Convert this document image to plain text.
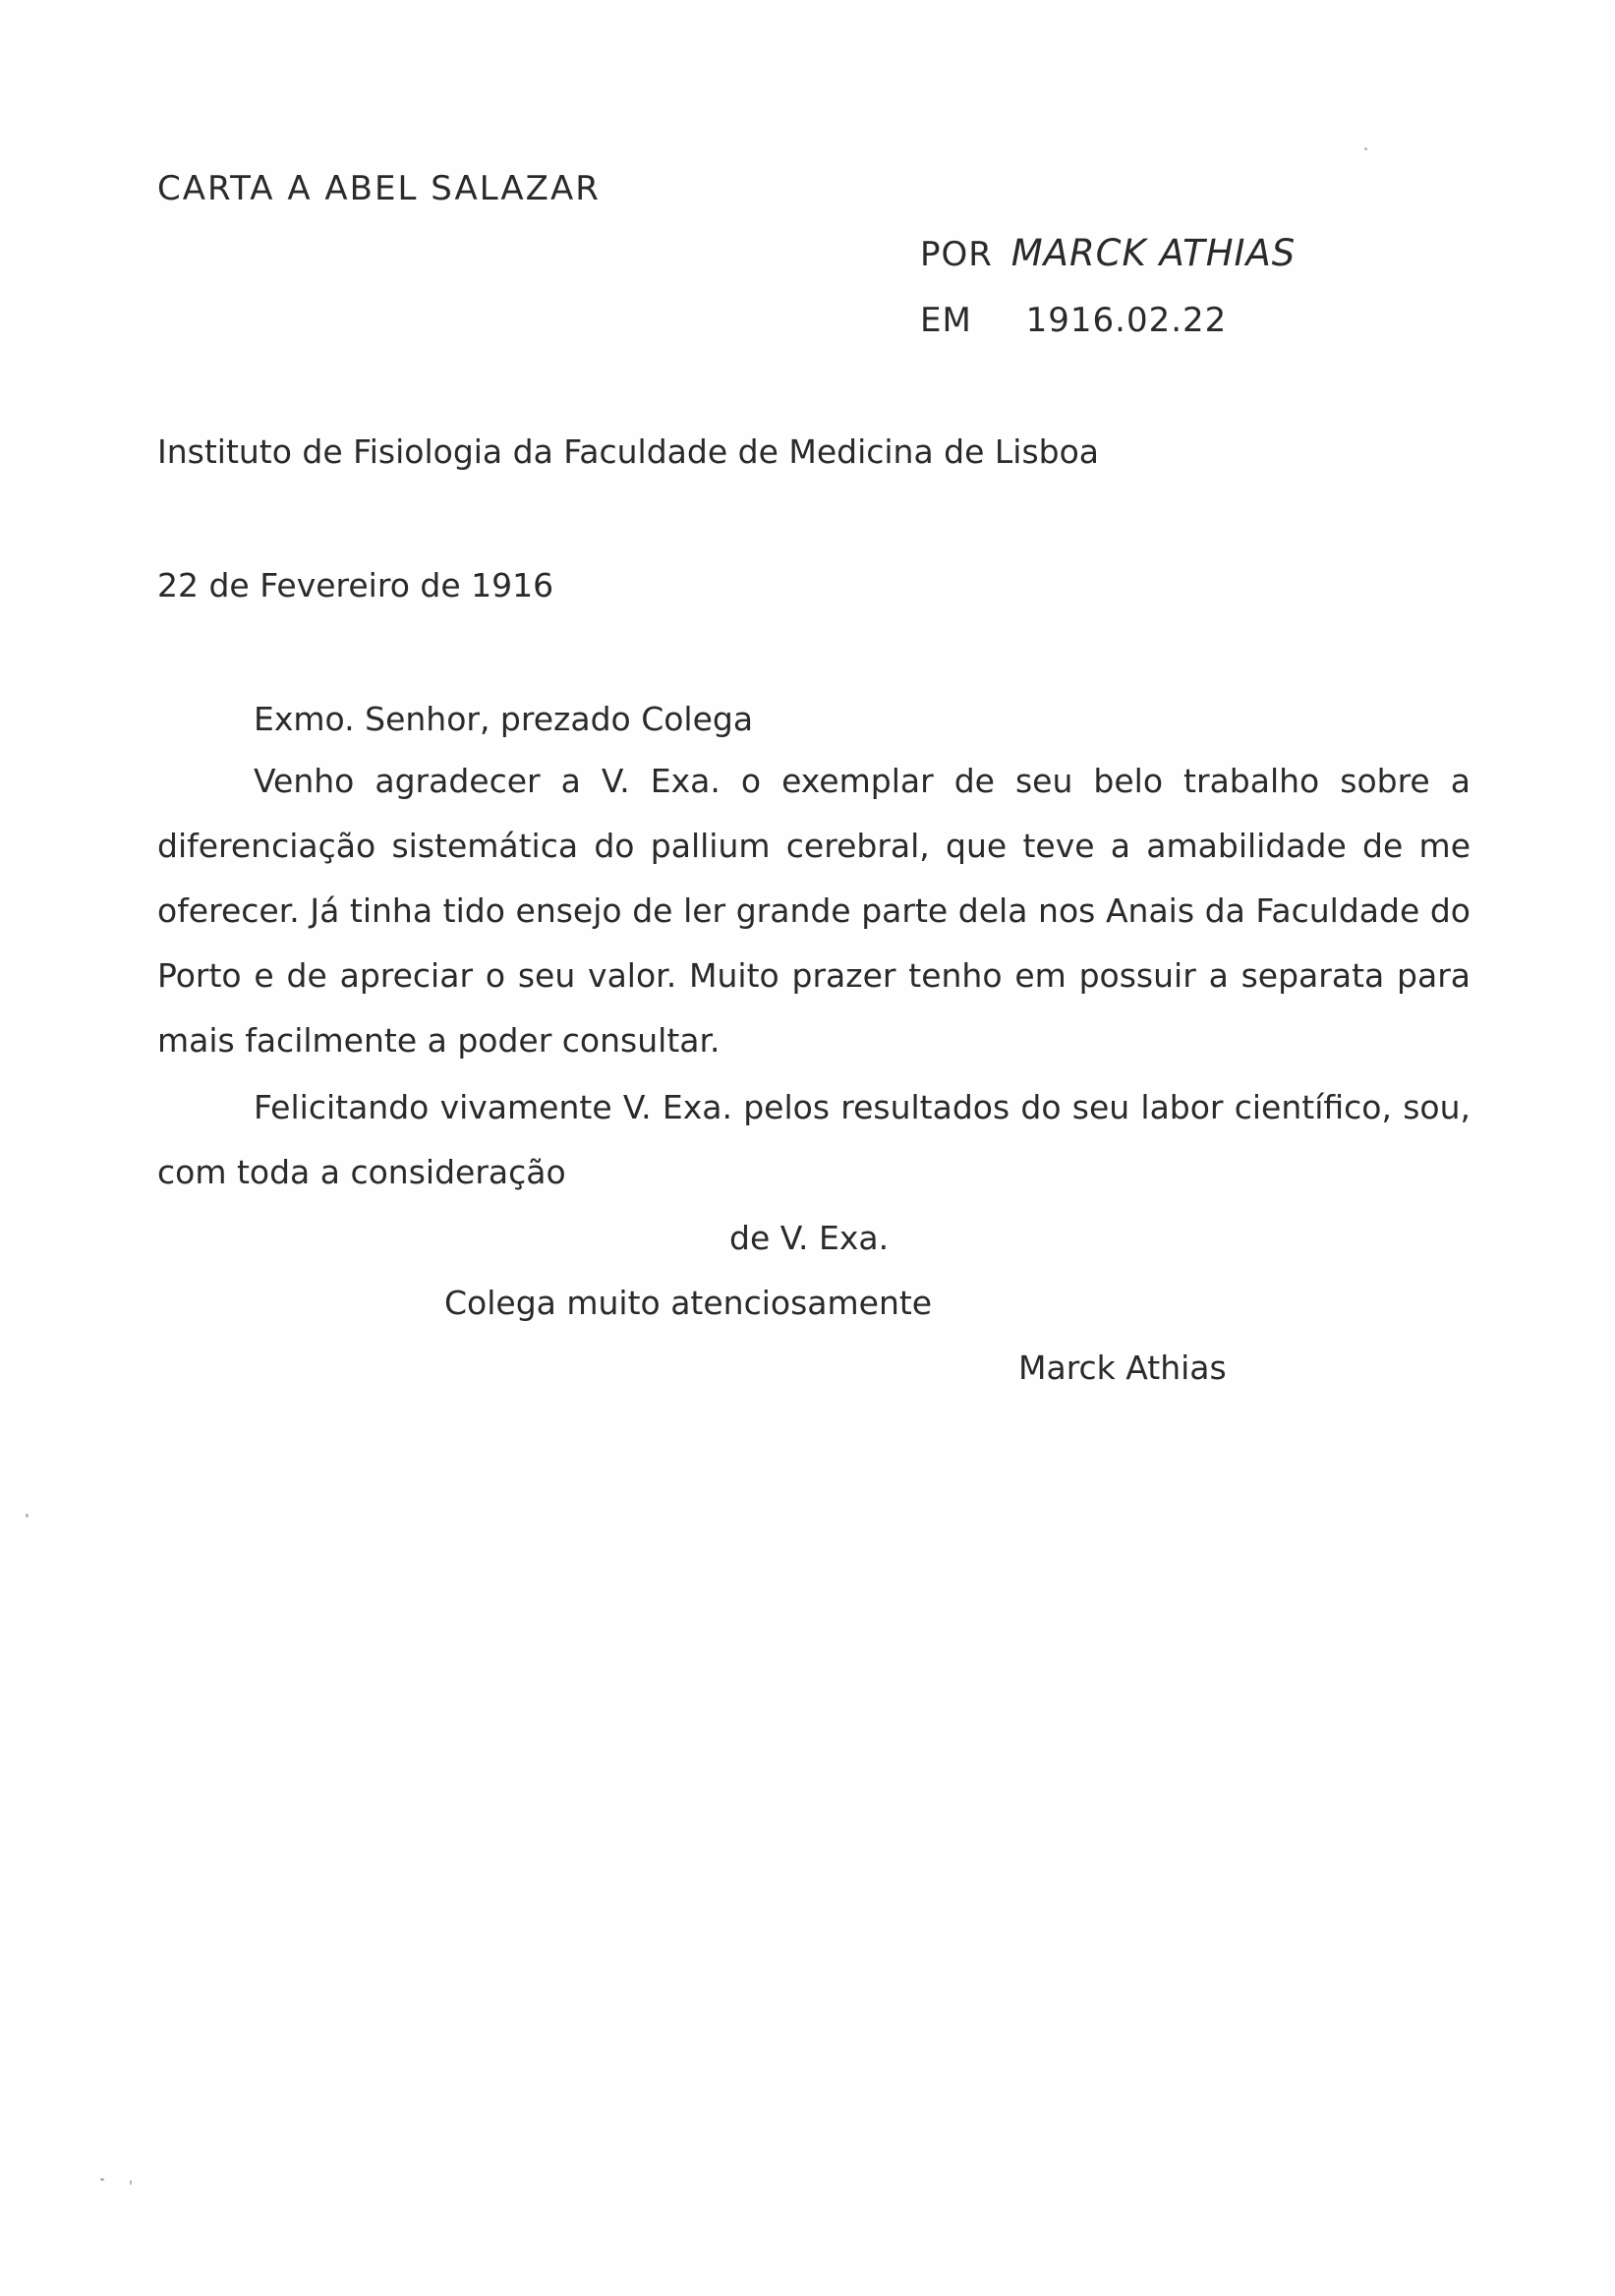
CARTA A ABEL SALAZAR
POR MARCK ATHIAS
EM 1916.02.22
Instituto de Fisiologia da Faculdade de Medicina de Lisboa
22 de Fevereiro de 1916
Exmo. Senhor, prezado Colega

Venho agradecer a V. Exa. o exemplar de seu belo trabalho sobre a diferenciação sistemática do pallium cerebral, que teve a amabilidade de me oferecer. Já tinha tido ensejo de ler grande parte dela nos Anais da Faculdade do Porto e de apreciar o seu valor. Muito prazer tenho em possuir a separata para mais facilmente a poder consultar.

Felicitando vivamente V. Exa. pelos resultados do seu labor científico, sou, com toda a consideração

de V. Exa.
Colega muito atenciosamente
Marck Athias
